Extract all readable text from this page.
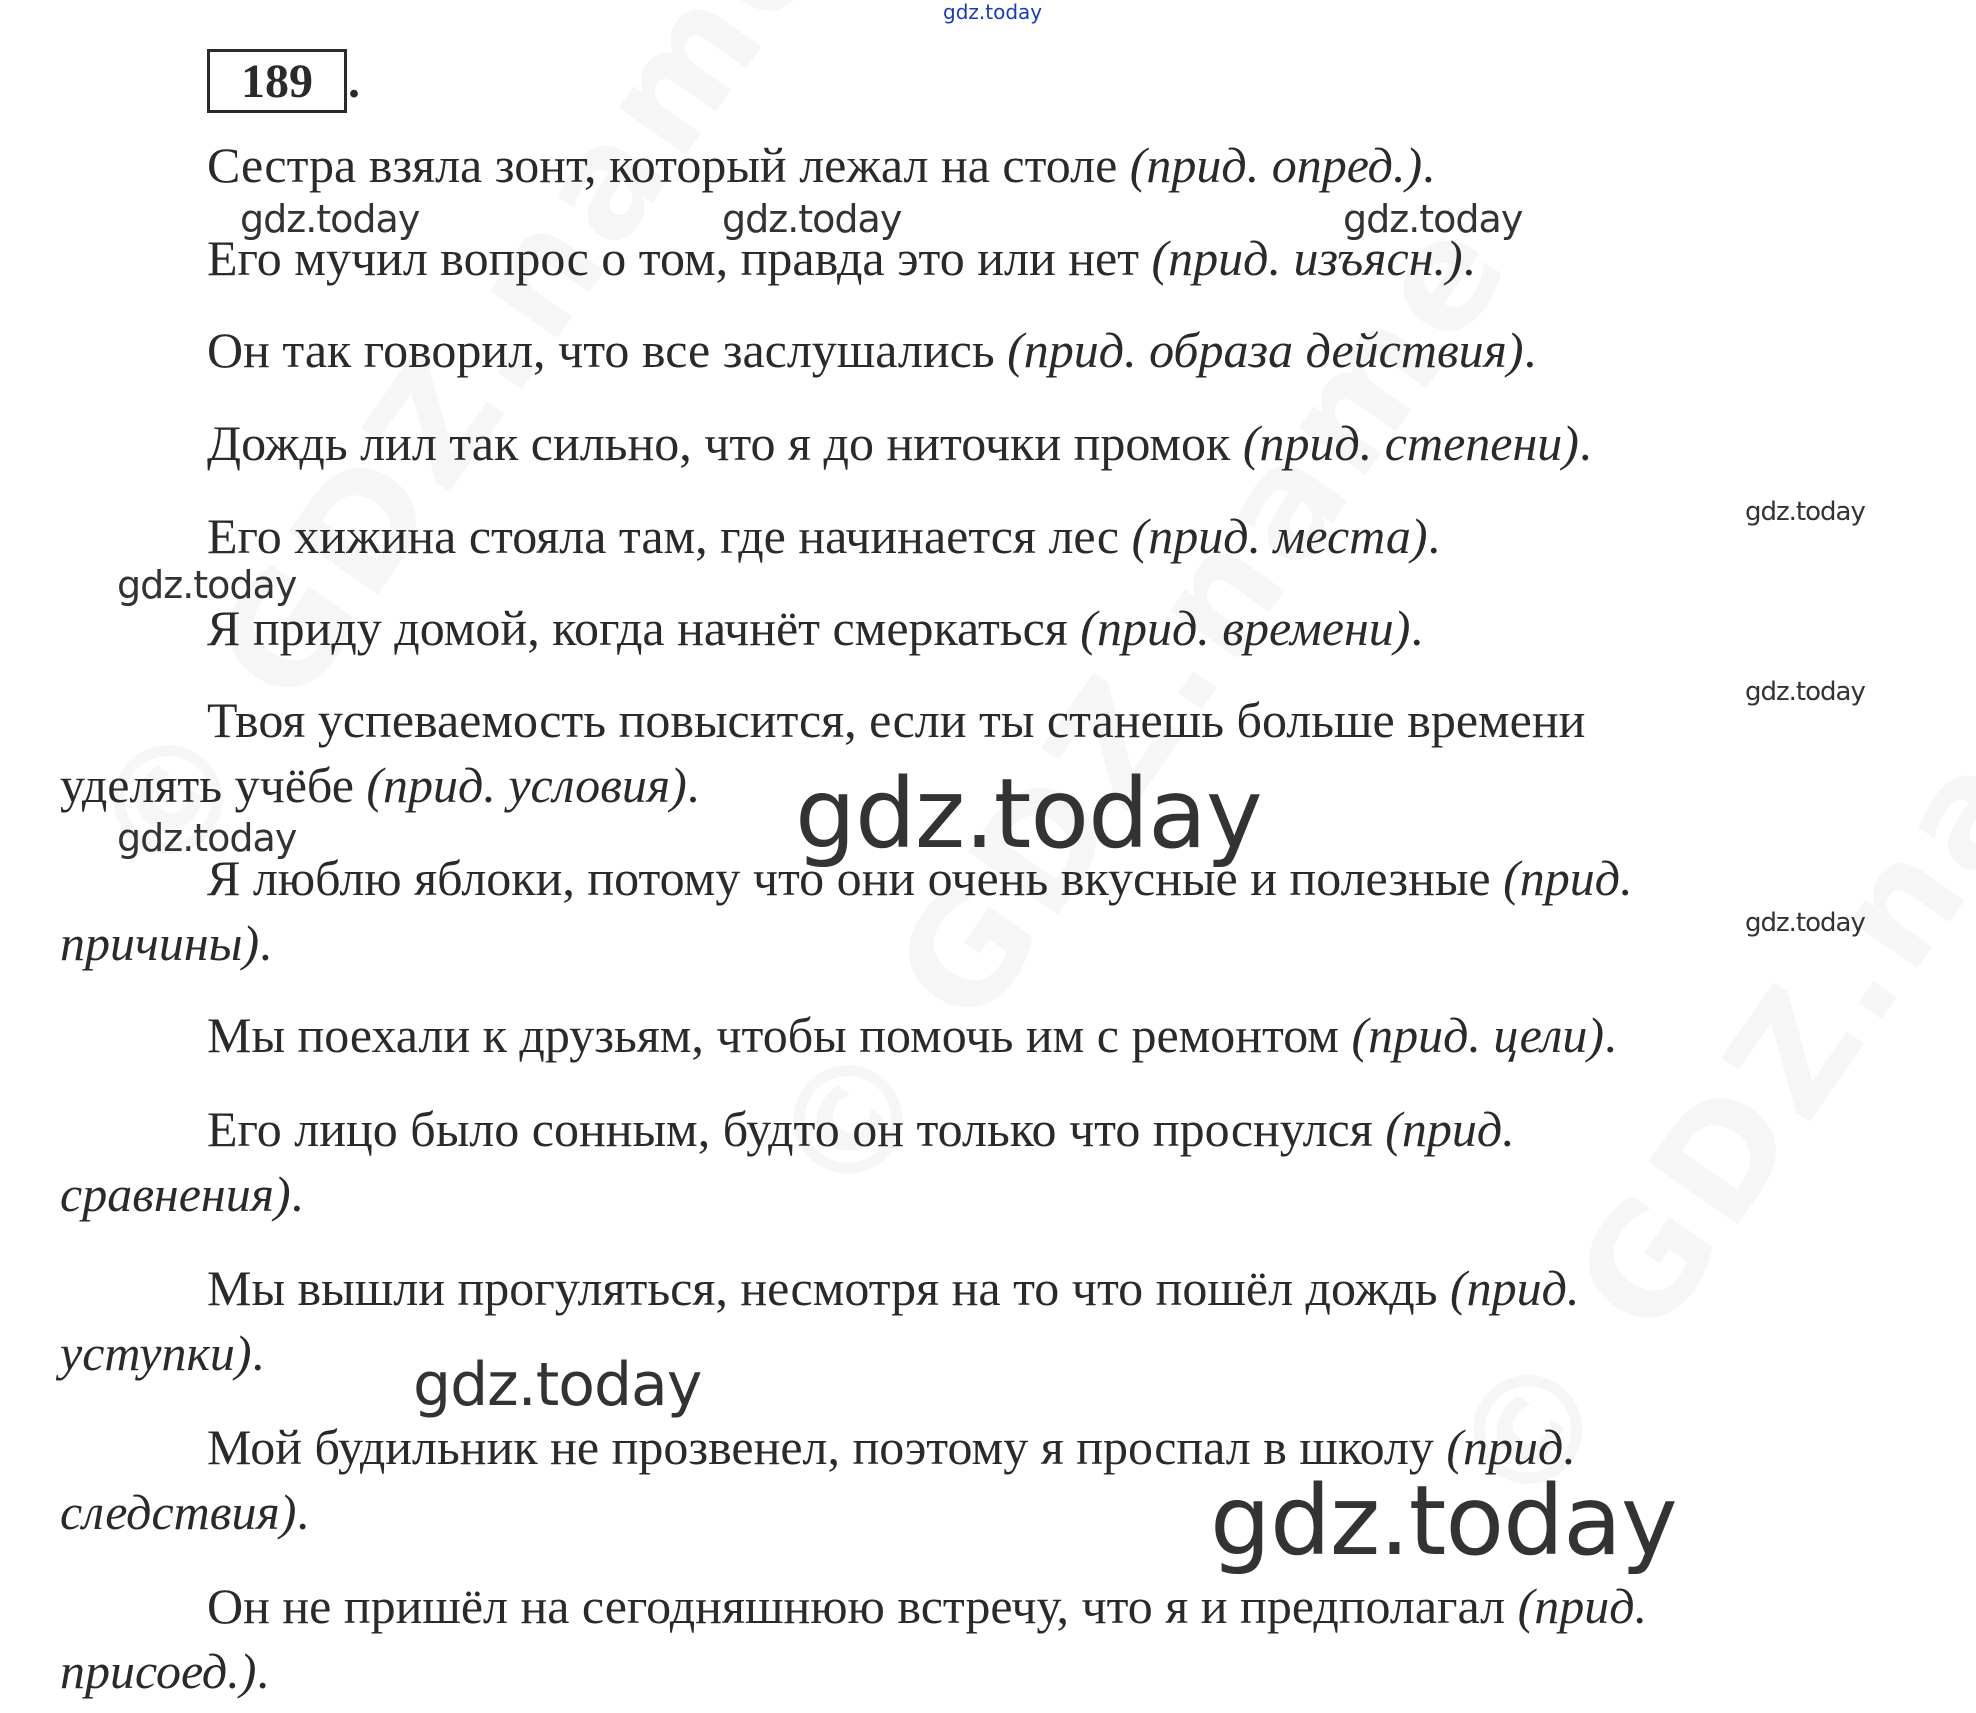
gdz.today
189 .
Сестра взяла зонт, который лежал на столе (прид. опред.).
Его мучил вопрос о том, правда это или нет (прид. изъясн.).
Он так говорил, что все заслушались (прид. образа действия).
Дождь лил так сильно, что я до ниточки промок (прид. степени).
Его хижина стояла там, где начинается лес (прид. места).
Я приду домой, когда начнёт смеркаться (прид. времени).
Твоя успеваемость повысится, если ты станешь больше времени
уделять учёбе (прид. условия).
Я люблю яблоки, потому что они очень вкусные и полезные (прид.
причины).
Мы поехали к друзьям, чтобы помочь им с ремонтом (прид. цели).
Его лицо было сонным, будто он только что проснулся (прид.
сравнения).
Мы вышли прогуляться, несмотря на то что пошёл дождь (прид.
уступки).
Мой будильник не прозвенел, поэтому я проспал в школу (прид.
следствия).
Он не пришёл на сегодняшнюю встречу, что я и предполагал (прид.
присоед.).
gdz.today	gdz.today	gdz.today
gdz.today
gdz.today
gdz.today
gdz.today
gdz.today
gdz.today
gdz.today
gdz.today
